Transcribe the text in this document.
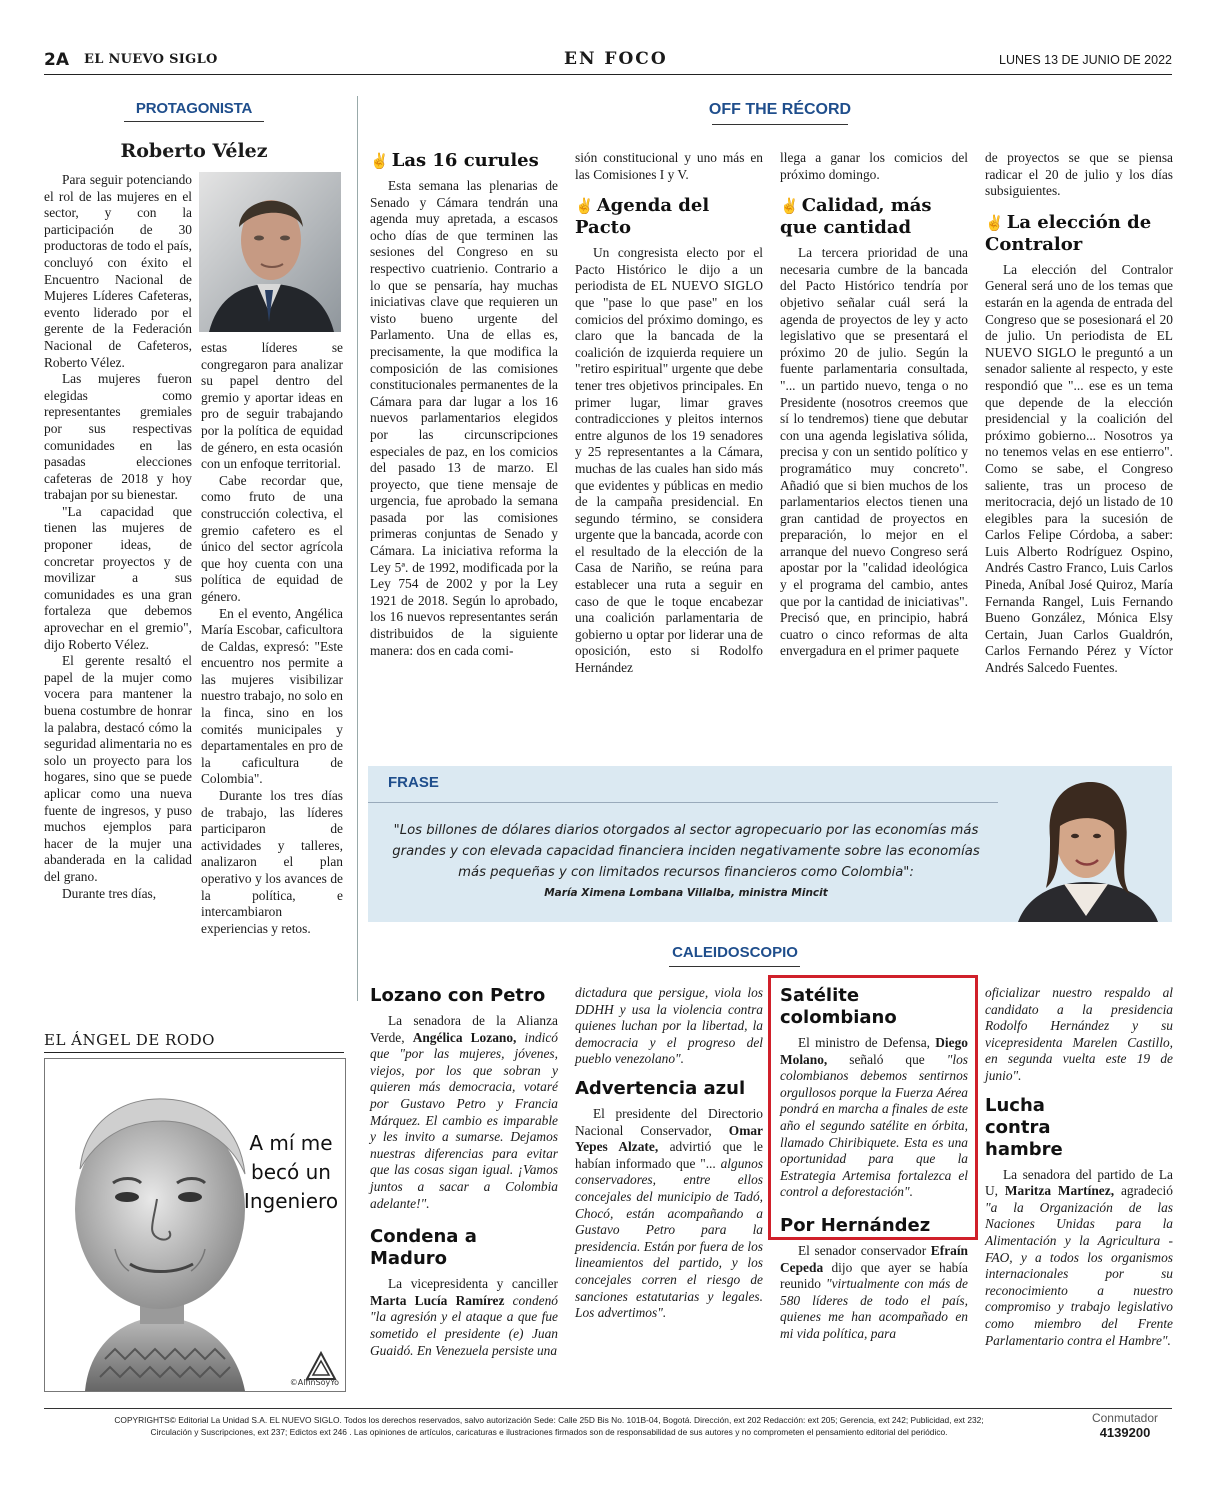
2A EL NUEVO SIGLO	EN FOCO	LUNES 13 DE JUNIO DE 2022
PROTAGONISTA
Roberto Vélez

Para seguir potenciando el rol de las mujeres en el sector, y con la participación de 30 productoras de todo el país, concluyó con éxito el Encuentro Nacional de Mujeres Líderes Cafeteras, evento liderado por el gerente de la Federación Nacional de Cafeteros, Roberto Vélez.

Las mujeres fueron elegidas como representantes gremiales por sus respectivas comunidades en las pasadas elecciones cafeteras de 2018 y hoy trabajan por su bienestar.

"La capacidad que tienen las mujeres de proponer ideas, de concretar proyectos y de movilizar a sus comunidades es una gran fortaleza que debemos aprovechar en el gremio", dijo Roberto Vélez.

El gerente resaltó el papel de la mujer como vocera para mantener la buena costumbre de honrar la palabra, destacó cómo la seguridad alimentaria no es solo un proyecto para los hogares, sino que se puede aplicar como una nueva fuente de ingresos, y puso muchos ejemplos para hacer de la mujer una abanderada en la calidad del grano.

Durante tres días,

estas líderes se congregaron para analizar su papel dentro del gremio y aportar ideas en pro de seguir trabajando por la política de equidad de género, en esta ocasión con un enfoque territorial.

Cabe recordar que, como fruto de una construcción colectiva, el gremio cafetero es el único del sector agrícola que hoy cuenta con una política de equidad de género.

En el evento, Angélica María Escobar, caficultora de Caldas, expresó: "Este encuentro nos permite a las mujeres visibilizar nuestro trabajo, no solo en la finca, sino en los comités municipales y departamentales en pro de la caficultura de Colombia".

Durante los tres días de trabajo, las líderes participaron de actividades y talleres, analizaron el plan operativo y los avances de la política, e intercambiaron experiencias y retos.

EL ÁNGEL DE RODO
A mí me becó un Ingeniero
©AlfinSoyYo
OFF THE RÉCORD
✌ Las 16 curules

Esta semana las plenarias de Senado y Cámara tendrán una agenda muy apretada, a escasos ocho días de que terminen las sesiones del Congreso en su respectivo cuatrienio. Contrario a lo que se pensaría, hay muchas iniciativas clave que requieren un visto bueno urgente del Parlamento. Una de ellas es, precisamente, la que modifica la composición de las comisiones constitucionales permanentes de la Cámara para dar lugar a los 16 nuevos parlamentarios elegidos por las circunscripciones especiales de paz, en los comicios del pasado 13 de marzo. El proyecto, que tiene mensaje de urgencia, fue aprobado la semana pasada por las comisiones primeras conjuntas de Senado y Cámara. La iniciativa reforma la Ley 5ª. de 1992, modificada por la Ley 754 de 2002 y por la Ley 1921 de 2018. Según lo aprobado, los 16 nuevos representantes serán distribuidos de la siguiente manera: dos en cada comi-

sión constitucional y uno más en las Comisiones I y V.

✌ Agenda del Pacto

Un congresista electo por el Pacto Histórico le dijo a un periodista de EL NUEVO SIGLO que "pase lo que pase" en los comicios del próximo domingo, es claro que la bancada de la coalición de izquierda requiere un "retiro espiritual" urgente que debe tener tres objetivos principales. En primer lugar, limar graves contradicciones y pleitos internos entre algunos de los 19 senadores y 25 representantes a la Cámara, muchas de las cuales han sido más que evidentes y públicas en medio de la campaña presidencial. En segundo término, se considera urgente que la bancada, acorde con el resultado de la elección de la Casa de Nariño, se reúna para establecer una ruta a seguir en caso de que le toque encabezar una coalición parlamentaria de gobierno u optar por liderar una de oposición, esto si Rodolfo Hernández

llega a ganar los comicios del próximo domingo.

✌ Calidad, más que cantidad

La tercera prioridad de una necesaria cumbre de la bancada del Pacto Histórico tendría por objetivo señalar cuál será la agenda de proyectos de ley y acto legislativo que se presentará el próximo 20 de julio. Según la fuente parlamentaria consultada, "... un partido nuevo, tenga o no Presidente (nosotros creemos que sí lo tendremos) tiene que debutar con una agenda legislativa sólida, precisa y con un sentido político y programático muy concreto". Añadió que si bien muchos de los parlamentarios electos tienen una gran cantidad de proyectos en preparación, lo mejor en el arranque del nuevo Congreso será apostar por la "calidad ideológica y el programa del cambio, antes que por la cantidad de iniciativas". Precisó que, en principio, habrá cuatro o cinco reformas de alta envergadura en el primer paquete

de proyectos se que se piensa radicar el 20 de julio y los días subsiguientes.

✌ La elección de Contralor

La elección del Contralor General será uno de los temas que estarán en la agenda de entrada del Congreso que se posesionará el 20 de julio. Un periodista de EL NUEVO SIGLO le preguntó a un senador saliente al respecto, y este respondió que "... ese es un tema que depende de la elección presidencial y la coalición del próximo gobierno... Nosotros ya no tenemos velas en ese entierro". Como se sabe, el Congreso saliente, tras un proceso de meritocracia, dejó un listado de 10 elegibles para la sucesión de Carlos Felipe Córdoba, a saber: Luis Alberto Rodríguez Ospino, Andrés Castro Franco, Luis Carlos Pineda, Aníbal José Quiroz, María Fernanda Rangel, Luis Fernando Bueno González, Mónica Elsy Certain, Juan Carlos Gualdrón, Carlos Fernando Pérez y Víctor Andrés Salcedo Fuentes.

FRASE
"Los billones de dólares diarios otorgados al sector agropecuario por las economías más grandes y con elevada capacidad financiera inciden negativamente sobre las economías más pequeñas y con limitados recursos financieros como Colombia":
María Ximena Lombana Villalba, ministra Mincit
CALEIDOSCOPIO
Lozano con Petro

La senadora de la Alianza Verde, Angélica Lozano, indicó que "por las mujeres, jóvenes, viejos, por los que sobran y quieren más democracia, votaré por Gustavo Petro y Francia Márquez. El cambio es imparable y les invito a sumarse. Dejamos nuestras diferencias para evitar que las cosas sigan igual. ¡Vamos juntos a sacar a Colombia adelante!".

Condena a Maduro

La vicepresidenta y canciller Marta Lucía Ramírez condenó "la agresión y el ataque a que fue sometido el presidente (e) Juan Guaidó. En Venezuela persiste una

dictadura que persigue, viola los DDHH y usa la violencia contra quienes luchan por la libertad, la democracia y el progreso del pueblo venezolano".

Advertencia azul

El presidente del Directorio Nacional Conservador, Omar Yepes Alzate, advirtió que le habían informado que "... algunos conservadores, entre ellos concejales del municipio de Tadó, Chocó, están acompañando a Gustavo Petro para la presidencia. Están por fuera de los lineamientos del partido, y los concejales corren el riesgo de sanciones estatutarias y legales. Los advertimos".

Satélite colombiano

El ministro de Defensa, Diego Molano, señaló que "los colombianos debemos sentirnos orgullosos porque la Fuerza Aérea pondrá en marcha a finales de este año el segundo satélite en órbita, llamado Chiribiquete. Esta es una oportunidad para que la Estrategia Artemisa fortalezca el control a deforestación".

Por Hernández

El senador conservador Efraín Cepeda dijo que ayer se había reunido "virtualmente con más de 580 líderes de todo el país, quienes me han acompañado en mi vida política, para

oficializar nuestro respaldo al candidato a la presidencia Rodolfo Hernández y su vicepresidenta Marelen Castillo, en segunda vuelta este 19 de junio".

Lucha contra hambre

La senadora del partido de La U, Maritza Martínez, agradeció "a la Organización de las Naciones Unidas para la Alimentación y la Agricultura - FAO, y a todos los organismos internacionales por su reconocimiento a nuestro compromiso y trabajo legislativo como miembro del Frente Parlamentario contra el Hambre".

COPYRIGHTS© Editorial La Unidad S.A. EL NUEVO SIGLO. Todos los derechos reservados, salvo autorización Sede: Calle 25D Bis No. 101B-04, Bogotá. Dirección, ext 202 Redacción: ext 205; Gerencia, ext 242; Publicidad, ext 232;
Circulación y Suscripciones, ext 237; Edictos ext 246 . Las opiniones de artículos, caricaturas e ilustraciones firmados son de responsabilidad de sus autores y no comprometen el pensamiento editorial del periódico.
Conmutador
4139200
